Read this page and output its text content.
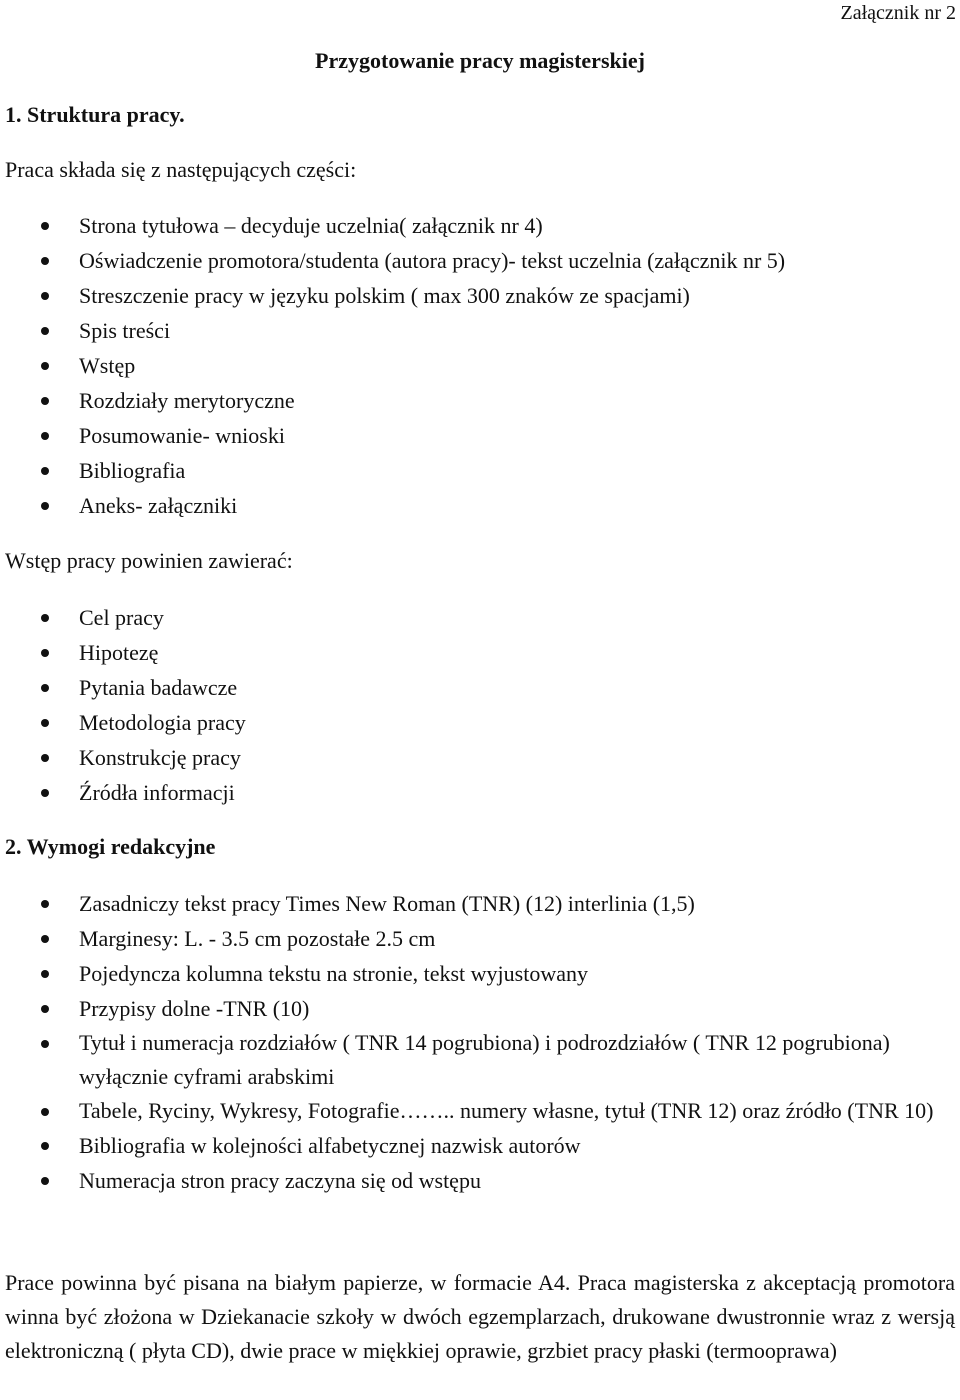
Załącznik nr 2
Przygotowanie pracy magisterskiej
1. Struktura pracy.
Praca składa się z następujących części:
Strona tytułowa – decyduje uczelnia( załącznik nr 4)
Oświadczenie promotora/studenta (autora pracy)- tekst uczelnia (załącznik nr 5)
Streszczenie pracy w języku polskim ( max 300 znaków ze spacjami)
Spis treści
Wstęp
Rozdziały merytoryczne
Posumowanie- wnioski
Bibliografia
Aneks- załączniki
Wstęp pracy powinien zawierać:
Cel pracy
Hipotezę
Pytania badawcze
Metodologia pracy
Konstrukcję pracy
Źródła informacji
2. Wymogi redakcyjne
Zasadniczy tekst pracy Times New Roman (TNR) (12) interlinia (1,5)
Marginesy: L. - 3.5 cm pozostałe 2.5 cm
Pojedyncza kolumna tekstu na stronie, tekst wyjustowany
Przypisy dolne -TNR (10)
Tytuł i numeracja rozdziałów ( TNR 14 pogrubiona) i podrozdziałów ( TNR 12 pogrubiona) wyłącznie cyframi arabskimi
Tabele, Ryciny, Wykresy, Fotografie…….. numery własne, tytuł (TNR 12) oraz źródło (TNR 10)
Bibliografia w kolejności alfabetycznej nazwisk autorów
Numeracja stron pracy zaczyna się od wstępu
Prace powinna być pisana na białym papierze, w formacie A4. Praca magisterska z akceptacją promotora winna być złożona w Dziekanacie szkoły w dwóch egzemplarzach, drukowane dwustronnie wraz z wersją elektroniczną ( płyta CD), dwie prace w miękkiej oprawie, grzbiet pracy płaski (termooprawa)
